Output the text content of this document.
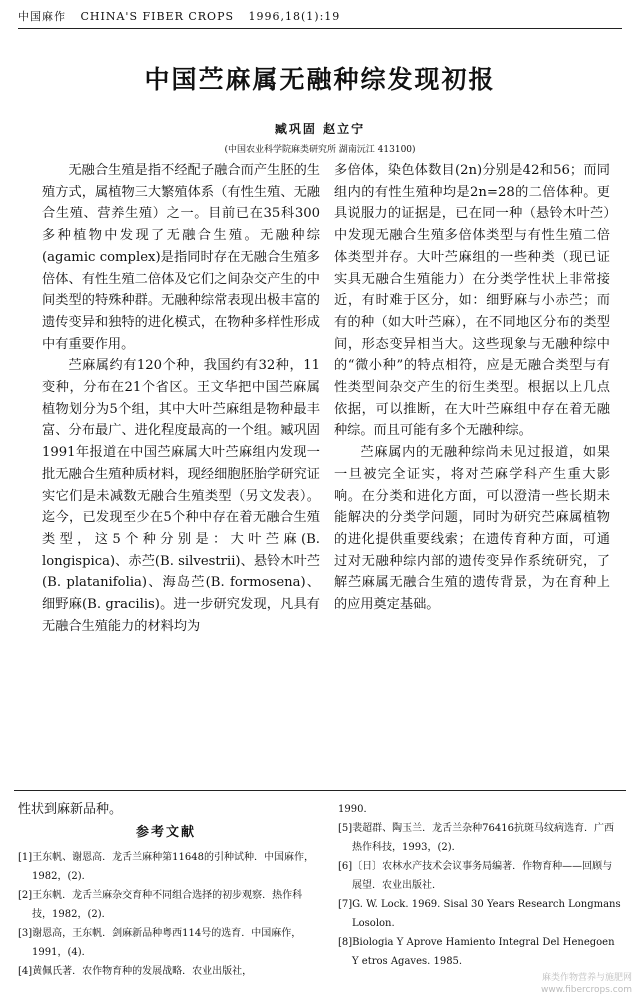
中国麻作 CHINA'S FIBER CROPS 1996,18(1):19
中国苎麻属无融种综发现初报
臧巩固 赵立宁
(中国农业科学院麻类研究所 湖南沅江 413100)

无融合生殖是指不经配子融合而产生胚的生殖方式，属植物三大繁殖体系（有性生殖、无融合生殖、营养生殖）之一。目前已在35科300多种植物中发现了无融合生殖。无融种综(agamic complex)是指同时存在无融合生殖多倍体、有性生殖二倍体及它们之间杂交产生的中间类型的特殊种群。无融种综常表现出极丰富的遗传变异和独特的进化模式，在物种多样性形成中有重要作用。

苎麻属约有120个种，我国约有32种，11变种，分布在21个省区。王文华把中国苎麻属植物划分为5个组，其中大叶苎麻组是物种最丰富、分布最广、进化程度最高的一个组。臧巩固1991年报道在中国苎麻属大叶苎麻组内发现一批无融合生殖种质材料，现经细胞胚胎学研究证实它们是未减数无融合生殖类型（另文发表）。迄今，已发现至少在5个种中存在着无融合生殖类型，这5个种分别是：大叶苎麻(B. longispica)、赤苎(B. silvestrii)、悬铃木叶苎(B. platanifolia)、海岛苎(B. formosena)、细野麻(B. gracilis)。进一步研究发现，凡具有无融合生殖能力的材料均为

多倍体，染色体数目(2n)分别是42和56；而同组内的有性生殖种均是2n=28的二倍体种。更具说服力的证据是，已在同一种（悬铃木叶苎）中发现无融合生殖多倍体类型与有性生殖二倍体类型并存。大叶苎麻组的一些种类（现已证实具无融合生殖能力）在分类学性状上非常接近，有时难于区分，如：细野麻与小赤苎；而有的种（如大叶苎麻），在不同地区分布的类型间，形态变异相当大。这些现象与无融种综中的“微小种”的特点相符，应是无融合类型与有性类型间杂交产生的衍生类型。根据以上几点依据，可以推断，在大叶苎麻组中存在着无融种综。而且可能有多个无融种综。

苎麻属内的无融种综尚未见过报道，如果一旦被完全证实，将对苎麻学科产生重大影响。在分类和进化方面，可以澄清一些长期未能解决的分类学问题，同时为研究苎麻属植物的进化提供重要线索；在遗传育种方面，可通过对无融种综内部的遗传变异作系统研究，了解苎麻属无融合生殖的遗传背景，为在育种上的应用奠定基础。

性状到麻新品种。
参考文献

[1]王东帆、谢恩高．龙舌兰麻种第11648的引种试种．中国麻作，1982，(2)．

[2]王东帆．龙舌兰麻杂交育种不同组合选择的初步观察．热作科技，1982，(2)．

[3]谢恩高，王东帆．剑麻新品种粤西114号的选育．中国麻作，1991，(4)．

[4]黄佩氏著．农作物育种的发展战略．农业出版社，

1990．

[5]裴超群、陶玉兰．龙舌兰杂种76416抗斑马纹病选育．广西热作科技，1993，(2)．

[6]〔日〕农林水产技术会议事务局编著．作物育种——回顾与展望．农业出版社．

[7]G. W. Lock. 1969. Sisal 30 Years Research Longmans Losolon.

[8]Biologia Y Aprove Hamiento Integral Del Henegoen Y etros Agaves. 1985.

麻类作物营养与施肥网
www.fibercrops.com
